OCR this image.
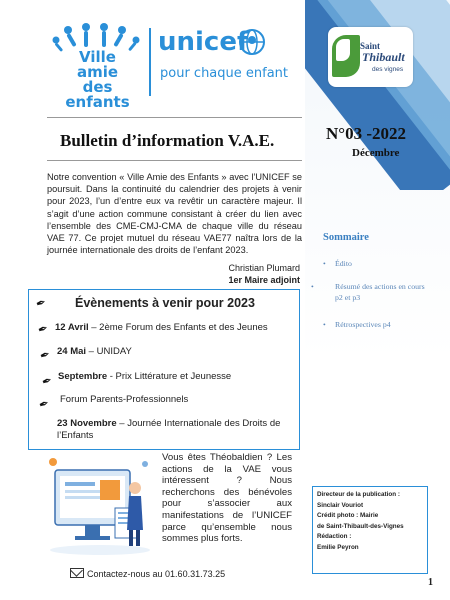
Ville
amie
des enfants
unicef
pour chaque enfant
Saint
Thibault
des vignes
Bulletin d’information V.A.E.	N°03 -2022
Décembre

Notre convention « Ville Amie des Enfants » avec l’UNICEF se poursuit. Dans la continuité du calendrier des projets à venir pour 2023, l’un d’entre eux va revêtir un caractère majeur. Il s’agit d’une action commune consistant à créer du lien avec l’ensemble des CME-CMJ-CMA de chaque ville du réseau VAE 77. Ce projet mutuel du réseau VAE77 naîtra lors de la journée internationale des droits de l’enfant 2023.

Christian Plumard
1er Maire adjoint
✒ Évènements à venir pour 2023
✒ 12 Avril – 2ème Forum des Enfants et des Jeunes
✒ 24 Mai – UNIDAY
✒ Septembre - Prix Littérature et Jeunesse
✒ Forum Parents-Professionnels
23 Novembre – Journée Internationale des Droits de l’Enfants
Sommaire
• Édito
•	Résumé des actions en cours p2 et p3
• Rétrospectives p4

Vous êtes Théobaldien ? Les actions de la VAE vous intéressent ? Nous recherchons des bénévoles pour s’associer aux manifestations de l’UNICEF parce qu’ensemble nous sommes plus forts.

Contactez-nous au 01.60.31.73.25
Directeur de la publication :
Sinclair Vouriot
Crédit photo : Mairie
de Saint-Thibault-des-Vignes
Rédaction :
Emilie Peyron
1
